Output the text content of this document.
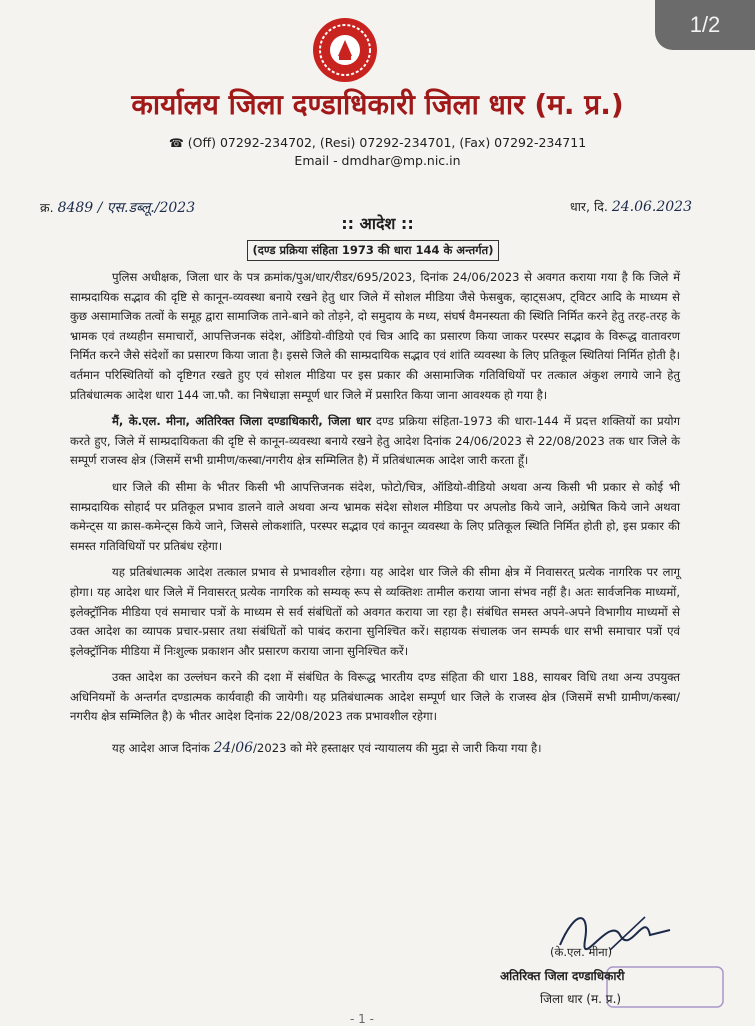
1/2
कार्यालय जिला दण्डाधिकारी जिला धार (म. प्र.)
☎ (Off) 07292-234702, (Resi) 07292-234701, (Fax) 07292-234711
Email - dmdhar@mp.nic.in
क्र. 8489 / एस.डब्लू./2023	धार, दि. 24.06.2023
:: आदेश ::
(दण्ड प्रक्रिया संहिता 1973 की धारा 144 के अन्तर्गत)

पुलिस अधीक्षक, जिला धार के पत्र क्रमांक/पुअ/धार/रीडर/695/2023, दिनांक 24/06/2023 से अवगत कराया गया है कि जिले में साम्प्रदायिक सद्भाव की दृष्टि से कानून-व्यवस्था बनाये रखने हेतु धार जिले में सोशल मीडिया जैसे फेसबुक, व्हाट्सअप, ट्विटर आदि के माध्यम से कुछ असामाजिक तत्वों के समूह द्वारा सामाजिक ताने-बाने को तोड़ने, दो समुदाय के मध्य, संघर्ष वैमनस्यता की स्थिति निर्मित करने हेतु तरह-तरह के भ्रामक एवं तथ्यहीन समाचारों, आपत्तिजनक संदेश, ऑडियो-वीडियो एवं चित्र आदि का प्रसारण किया जाकर परस्पर सद्भाव के विरूद्ध वातावरण निर्मित करने जैसे संदेशों का प्रसारण किया जाता है। इससे जिले की साम्प्रदायिक सद्भाव एवं शांति व्यवस्था के लिए प्रतिकूल स्थितियां निर्मित होती है। वर्तमान परिस्थितियों को दृष्टिगत रखते हुए एवं सोशल मीडिया पर इस प्रकार की असामाजिक गतिविधियों पर तत्काल अंकुश लगाये जाने हेतु प्रतिबंधात्मक आदेश धारा 144 जा.फौ. का निषेधाज्ञा सम्पूर्ण धार जिले में प्रसारित किया जाना आवश्यक हो गया है।

मैं, के.एल. मीना, अतिरिक्त जिला दण्डाधिकारी, जिला धार दण्ड प्रक्रिया संहिता-1973 की धारा-144 में प्रदत्त शक्तियों का प्रयोग करते हुए, जिले में साम्प्रदायिकता की दृष्टि से कानून-व्यवस्था बनाये रखने हेतु आदेश दिनांक 24/06/2023 से 22/08/2023 तक धार जिले के सम्पूर्ण राजस्व क्षेत्र (जिसमें सभी ग्रामीण/कस्बा/नगरीय क्षेत्र सम्मिलित है) में प्रतिबंधात्मक आदेश जारी करता हूँ।

धार जिले की सीमा के भीतर किसी भी आपत्तिजनक संदेश, फोटो/चित्र, ऑडियो-वीडियो अथवा अन्य किसी भी प्रकार से कोई भी साम्प्रदायिक सोहार्द पर प्रतिकूल प्रभाव डालने वाले अथवा अन्य भ्रामक संदेश सोशल मीडिया पर अपलोड किये जाने, अग्रेषित किये जाने अथवा कमेन्ट्स या क्रास-कमेन्ट्स किये जाने, जिससे लोकशांति, परस्पर सद्भाव एवं कानून व्यवस्था के लिए प्रतिकूल स्थिति निर्मित होती हो, इस प्रकार की समस्त गतिविधियों पर प्रतिबंध रहेगा।

यह प्रतिबंधात्मक आदेश तत्काल प्रभाव से प्रभावशील रहेगा। यह आदेश धार जिले की सीमा क्षेत्र में निवासरत् प्रत्येक नागरिक पर लागू होगा। यह आदेश धार जिले में निवासरत् प्रत्येक नागरिक को सम्यक् रूप से व्यक्तिशः तामील कराया जाना संभव नहीं है। अतः सार्वजनिक माध्यमों, इलेक्ट्रॉनिक मीडिया एवं समाचार पत्रों के माध्यम से सर्व संबंधितों को अवगत कराया जा रहा है। संबंधित समस्त अपने-अपने विभागीय माध्यमों से उक्त आदेश का व्यापक प्रचार-प्रसार तथा संबंधितों को पाबंद कराना सुनिश्चित करें। सहायक संचालक जन सम्पर्क धार सभी समाचार पत्रों एवं इलेक्ट्रॉनिक मीडिया में निःशुल्क प्रकाशन और प्रसारण कराया जाना सुनिश्चित करें।

उक्त आदेश का उल्लंघन करने की दशा में संबंधित के विरूद्ध भारतीय दण्ड संहिता की धारा 188, सायबर विधि तथा अन्य उपयुक्त अधिनियमों के अन्तर्गत दण्डात्मक कार्यवाही की जायेगी। यह प्रतिबंधात्मक आदेश सम्पूर्ण धार जिले के राजस्व क्षेत्र (जिसमें सभी ग्रामीण/कस्बा/नगरीय क्षेत्र सम्मिलित है) के भीतर आदेश दिनांक 22/08/2023 तक प्रभावशील रहेगा।

यह आदेश आज दिनांक 24/06/2023 को मेरे हस्ताक्षर एवं न्यायालय की मुद्रा से जारी किया गया है।

(के.एल. मीना)
अतिरिक्त जिला दण्डाधिकारी
जिला धार (म. प्र.)
- 1 -
